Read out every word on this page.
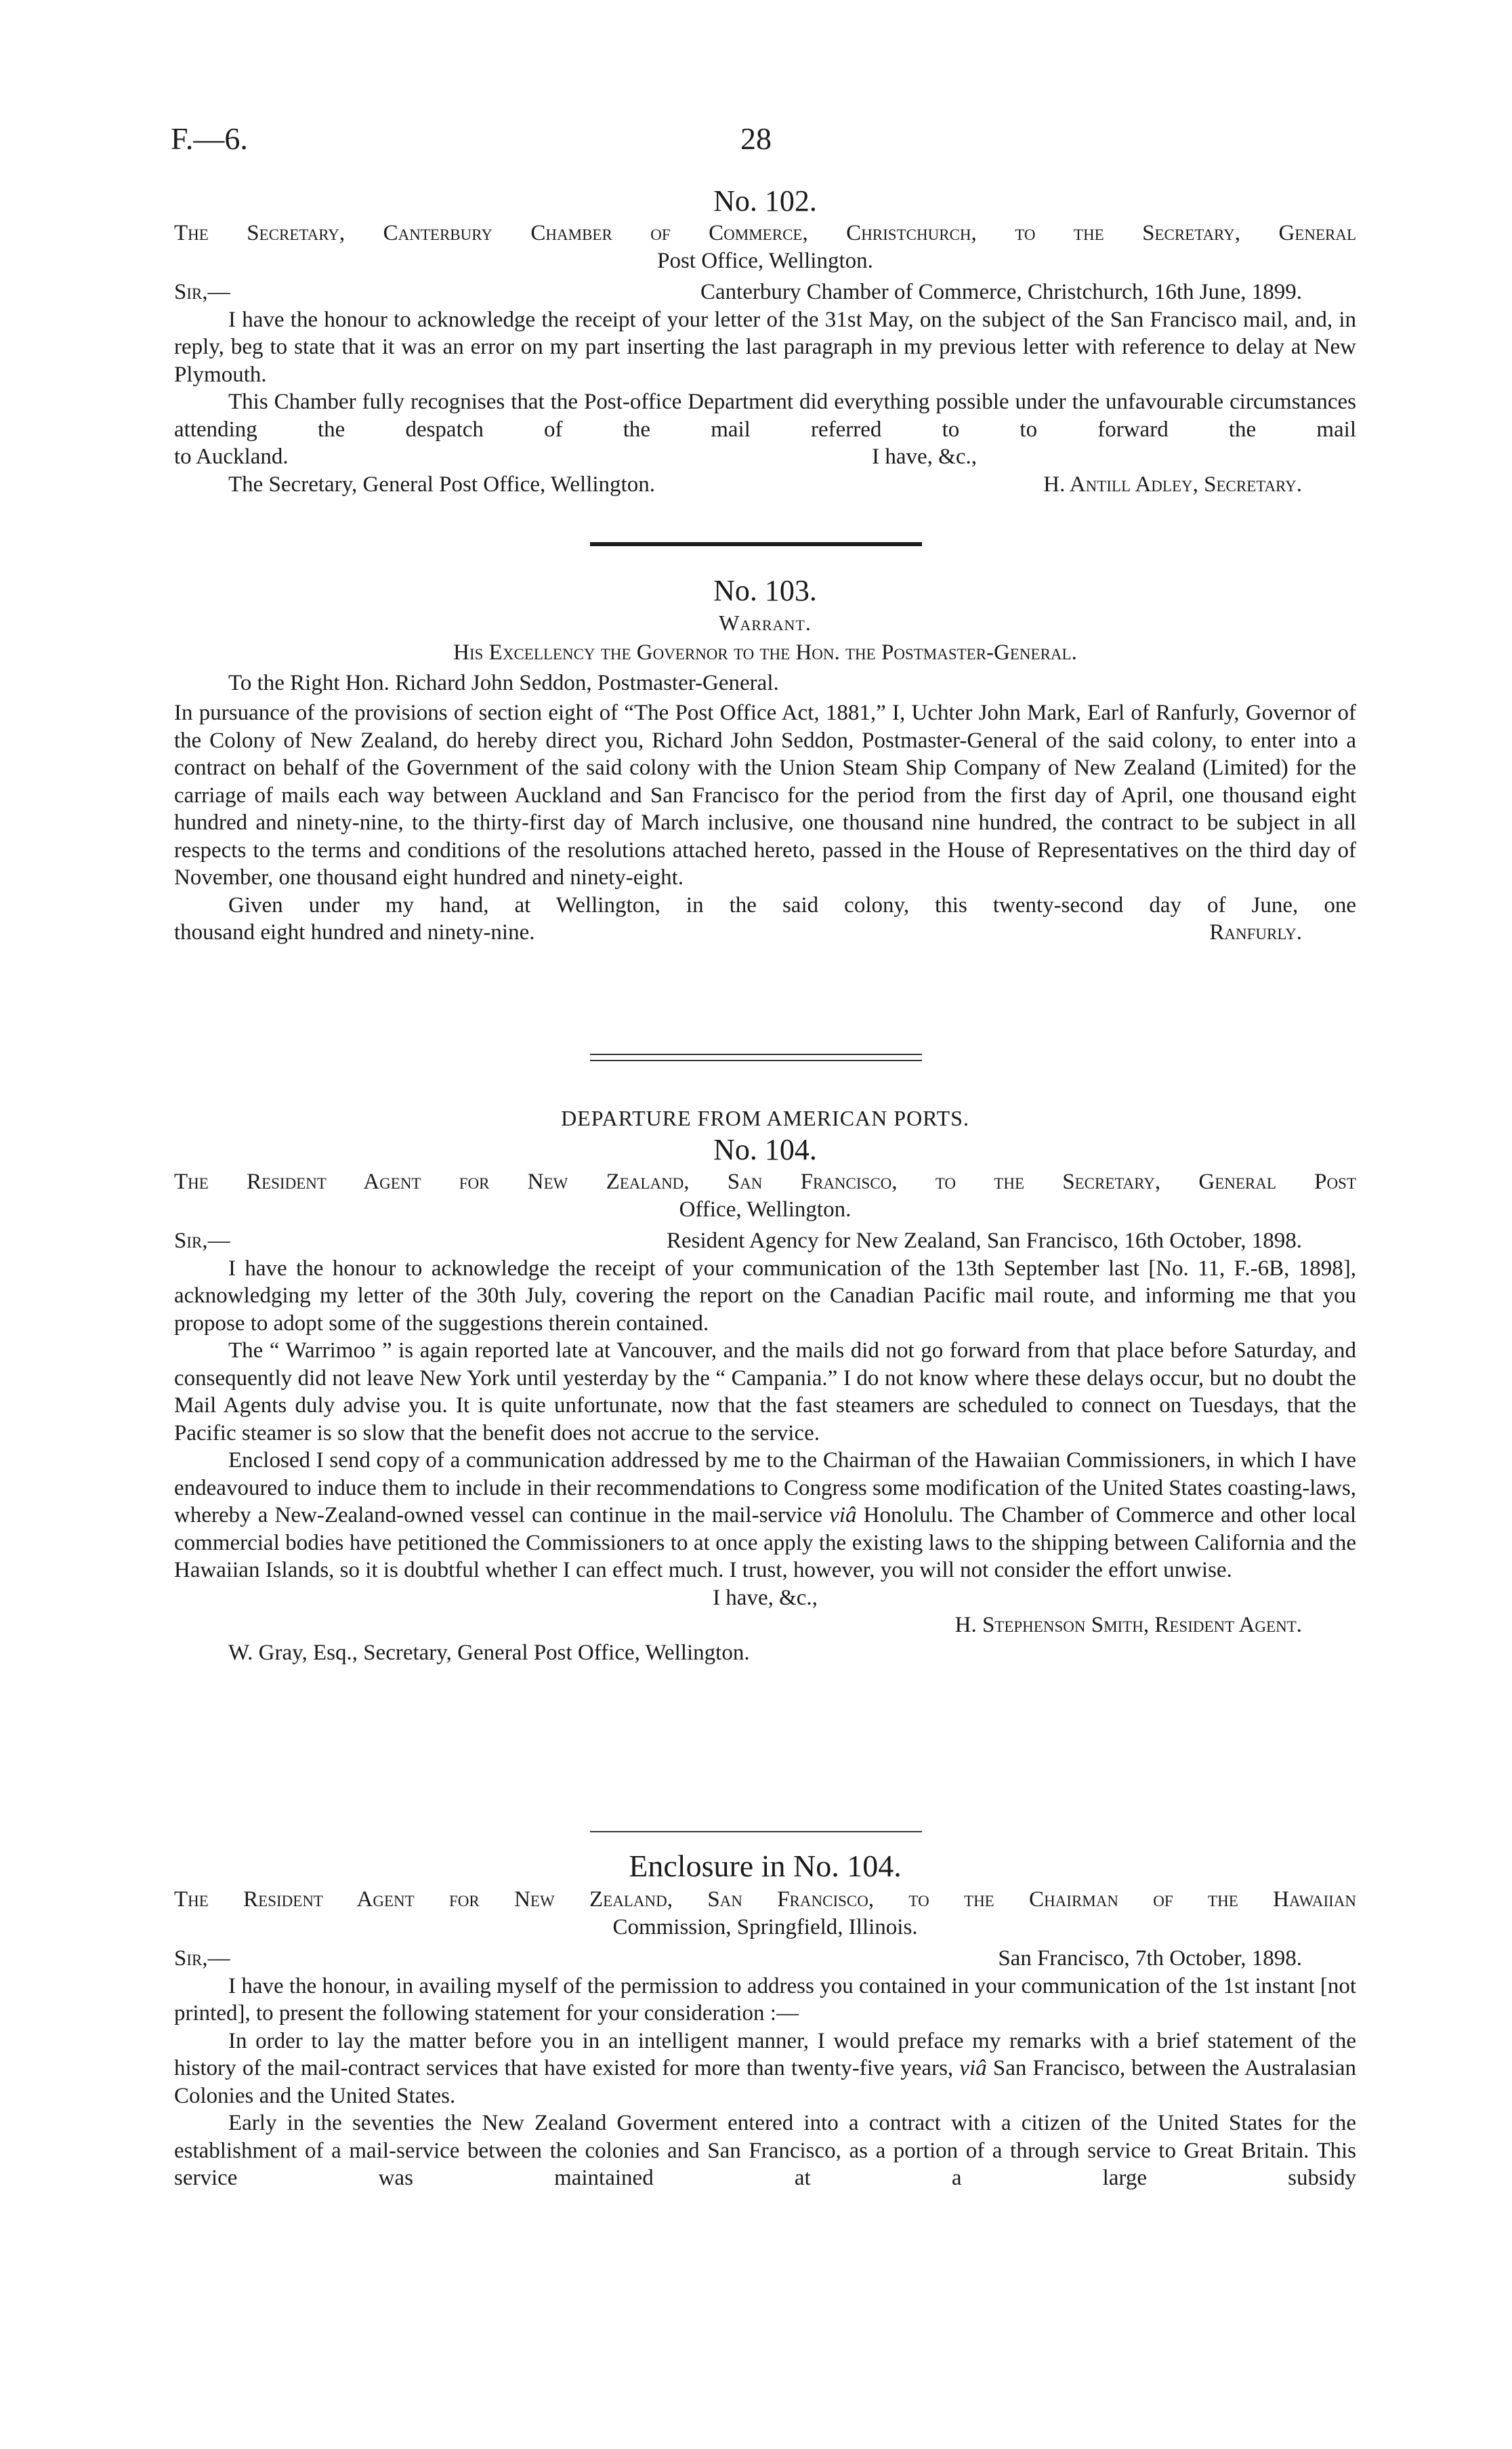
F.—6.	28
No. 102.

The Secretary, Canterbury Chamber of Commerce, Christchurch, to the Secretary, General

Post Office, Wellington.

Sir,—	Canterbury Chamber of Commerce, Christchurch, 16th June, 1899.

I have the honour to acknowledge the receipt of your letter of the 31st May, on the subject of the San Francisco mail, and, in reply, beg to state that it was an error on my part inserting the last paragraph in my previous letter with reference to delay at New Plymouth.

This Chamber fully recognises that the Post-office Department did everything possible under the unfavourable circumstances attending the despatch of the mail referred to to forward the mail

to Auckland.	I have, &c.,
The Secretary, General Post Office, Wellington.	H. Antill Adley, Secretary.
No. 103.
Warrant.

His Excellency the Governor to the Hon. the Postmaster-General.

To the Right Hon. Richard John Seddon, Postmaster-General.

In pursuance of the provisions of section eight of “The Post Office Act, 1881,” I, Uchter John Mark, Earl of Ranfurly, Governor of the Colony of New Zealand, do hereby direct you, Richard John Seddon, Postmaster-General of the said colony, to enter into a contract on behalf of the Government of the said colony with the Union Steam Ship Company of New Zealand (Limited) for the carriage of mails each way between Auckland and San Francisco for the period from the first day of April, one thousand eight hundred and ninety-nine, to the thirty-first day of March inclusive, one thousand nine hundred, the contract to be subject in all respects to the terms and conditions of the resolutions attached hereto, passed in the House of Representatives on the third day of November, one thousand eight hundred and ninety-eight.

Given under my hand, at Wellington, in the said colony, this twenty-second day of June, one

thousand eight hundred and ninety-nine.	Ranfurly.
DEPARTURE FROM AMERICAN PORTS.
No. 104.

The Resident Agent for New Zealand, San Francisco, to the Secretary, General Post

Office, Wellington.

Sir,—	Resident Agency for New Zealand, San Francisco, 16th October, 1898.

I have the honour to acknowledge the receipt of your communication of the 13th September last [No. 11, F.-6B, 1898], acknowledging my letter of the 30th July, covering the report on the Canadian Pacific mail route, and informing me that you propose to adopt some of the suggestions therein contained.

The “ Warrimoo ” is again reported late at Vancouver, and the mails did not go forward from that place before Saturday, and consequently did not leave New York until yesterday by the “ Campania.” I do not know where these delays occur, but no doubt the Mail Agents duly advise you. It is quite unfortunate, now that the fast steamers are scheduled to connect on Tuesdays, that the Pacific steamer is so slow that the benefit does not accrue to the service.

Enclosed I send copy of a communication addressed by me to the Chairman of the Hawaiian Commissioners, in which I have endeavoured to induce them to include in their recommendations to Congress some modification of the United States coasting-laws, whereby a New-Zealand-owned vessel can continue in the mail-service viâ Honolulu. The Chamber of Commerce and other local commercial bodies have petitioned the Commissioners to at once apply the existing laws to the shipping between California and the Hawaiian Islands, so it is doubtful whether I can effect much. I trust, however, you will not consider the effort unwise.

I have, &c.,

H. Stephenson Smith, Resident Agent.

W. Gray, Esq., Secretary, General Post Office, Wellington.

Enclosure in No. 104.

The Resident Agent for New Zealand, San Francisco, to the Chairman of the Hawaiian

Commission, Springfield, Illinois.

Sir,—	San Francisco, 7th October, 1898.

I have the honour, in availing myself of the permission to address you contained in your communication of the 1st instant [not printed], to present the following statement for your consideration :—

In order to lay the matter before you in an intelligent manner, I would preface my remarks with a brief statement of the history of the mail-contract services that have existed for more than twenty-five years, viâ San Francisco, between the Australasian Colonies and the United States.

Early in the seventies the New Zealand Goverment entered into a contract with a citizen of the United States for the establishment of a mail-service between the colonies and San Francisco, as a portion of a through service to Great Britain. This service was maintained at a large subsidy
